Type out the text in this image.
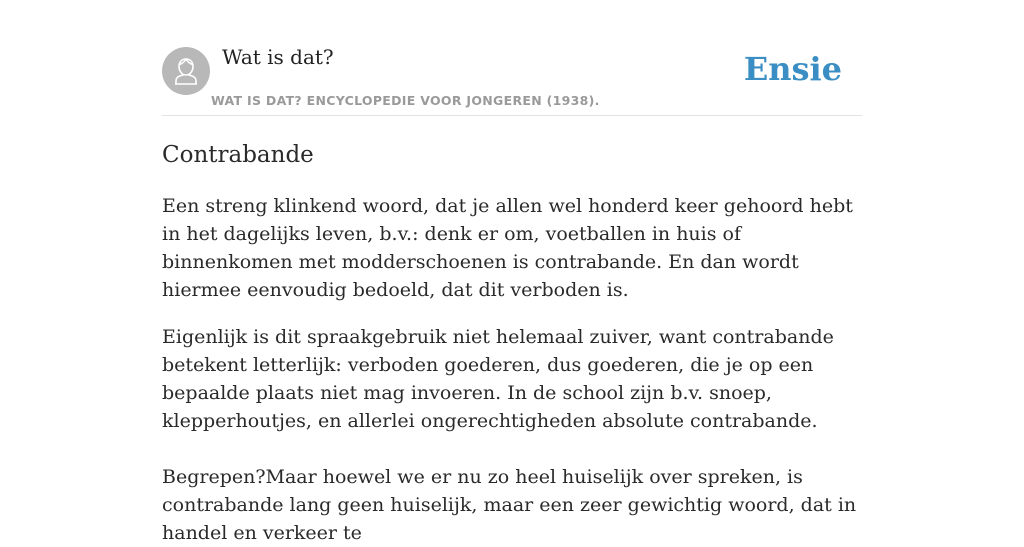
Wat is dat?
WAT IS DAT? ENCYCLOPEDIE VOOR JONGEREN (1938).
Ensie
Contrabande

Een streng klinkend woord, dat je allen wel honderd keer gehoord hebt in het dagelijks leven, b.v.: denk er om, voetballen in huis of binnenkomen met modderschoenen is contrabande. En dan wordt hiermee eenvoudig bedoeld, dat dit verboden is.

Eigenlijk is dit spraakgebruik niet helemaal zuiver, want contrabande betekent letterlijk: verboden goederen, dus goederen, die je op een bepaalde plaats niet mag invoeren. In de school zijn b.v. snoep, klepperhoutjes, en allerlei ongerechtigheden absolute contrabande.

Begrepen?Maar hoewel we er nu zo heel huiselijk over spreken, is contrabande lang geen huiselijk, maar een zeer gewichtig woord, dat in handel en verkeer te
